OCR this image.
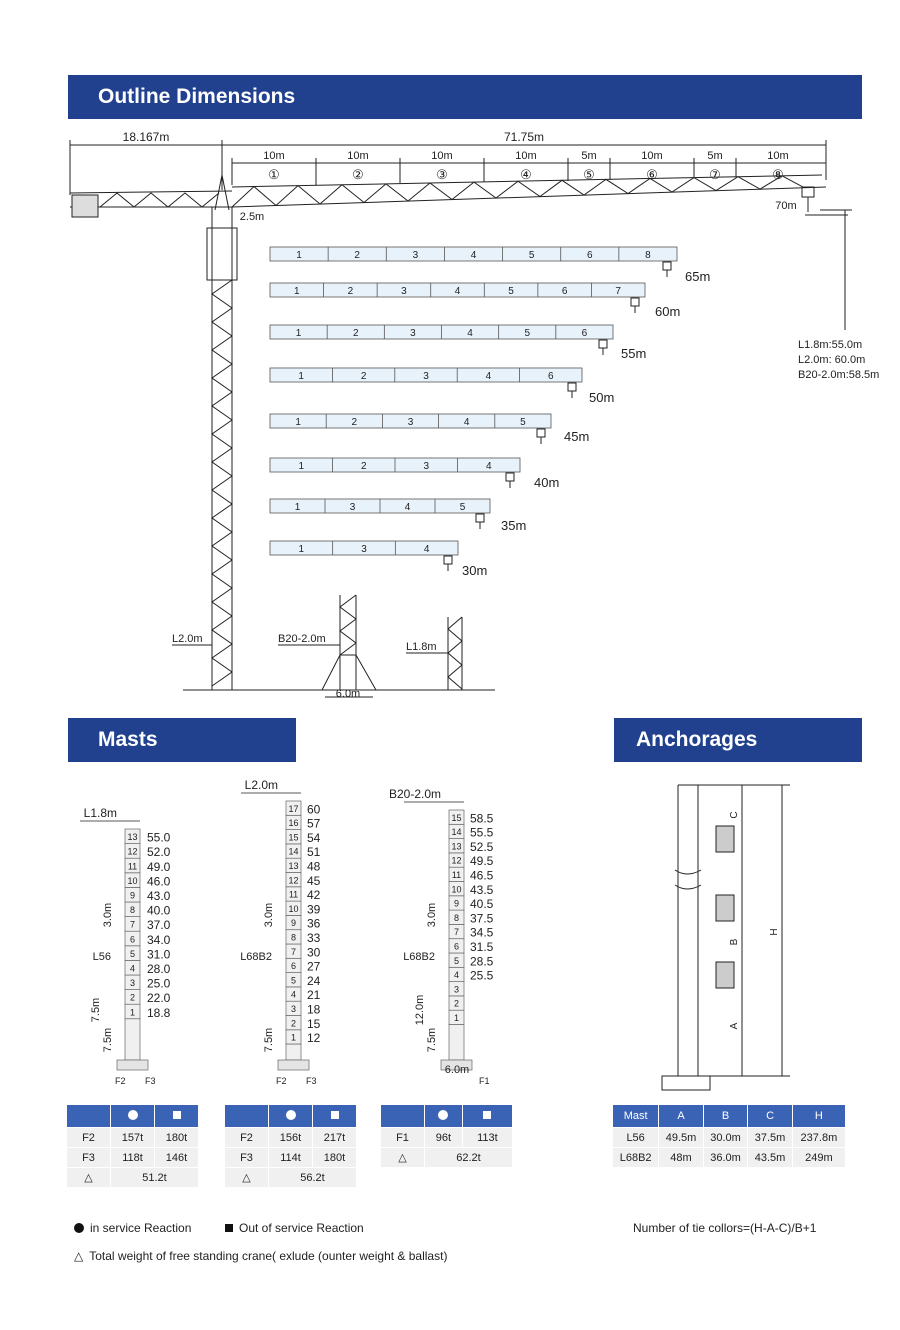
Outline Dimensions
Masts	Anchorages
18.167m	71.75m
10m
①
10m
②
10m
③
10m
④
5m
⑤
10m
⑥
5m
⑦
10m
⑧
70m
2.5m
L1.8m:55.0m
L2.0m: 60.0m
B20-2.0m:58.5m
1	2	3	4	5	6	8
65m
1	2	3	4	5	6	7
60m
1	2	3	4	5	6
55m
1	2	3	4	6
50m
1	2	3	4	5
45m
1	2	3	4
40m
1	3	4	5
35m
1	3	4
30m
L2.0m	B20-2.0m
L1.8m
6.0m
1 18.8
2 22.0
3 25.0
4 28.0
5 31.0
6 34.0
7 37.0
8 40.0
9 43.0
10 46.0
11 49.0
12 52.0
13 55.0
L1.8m
3.0m
L56
7.5m
7.5m
F2 F3
1 12
2 15
3 18
4 21
5 24
6 27
7 30
8 33
9 36
10 39
11 42
12 45
13 48
14 51
15 54
16 57
17 60
L2.0m
3.0m
L68B2
7.5m
F2 F3
1
2
3
4 25.5
5 28.5
6 31.5
7 34.5
8 37.5
9 40.5
10 43.5
11 46.5
12 49.5
13 52.5
14 55.5
15 58.5
B20-2.0m
3.0m
L68B2
7.5m
12.0m
6.0m
F1
C
B
A
H

F2	157t	180t
F3	118t	146t
△	51.2t	

F2	156t	217t
F3	114t	180t
△	56.2t	

F1	96t	113t
△	62.2t	
Mast	A	B	C	H
L56	49.5m	30.0m	37.5m	237.8m
L68B2	48m	36.0m	43.5m	249m
in service Reaction	Out of service Reaction
△ Total weight of free standing crane( exlude (ounter weight & ballast)
Number of tie collors=(H-A-C)/B+1
